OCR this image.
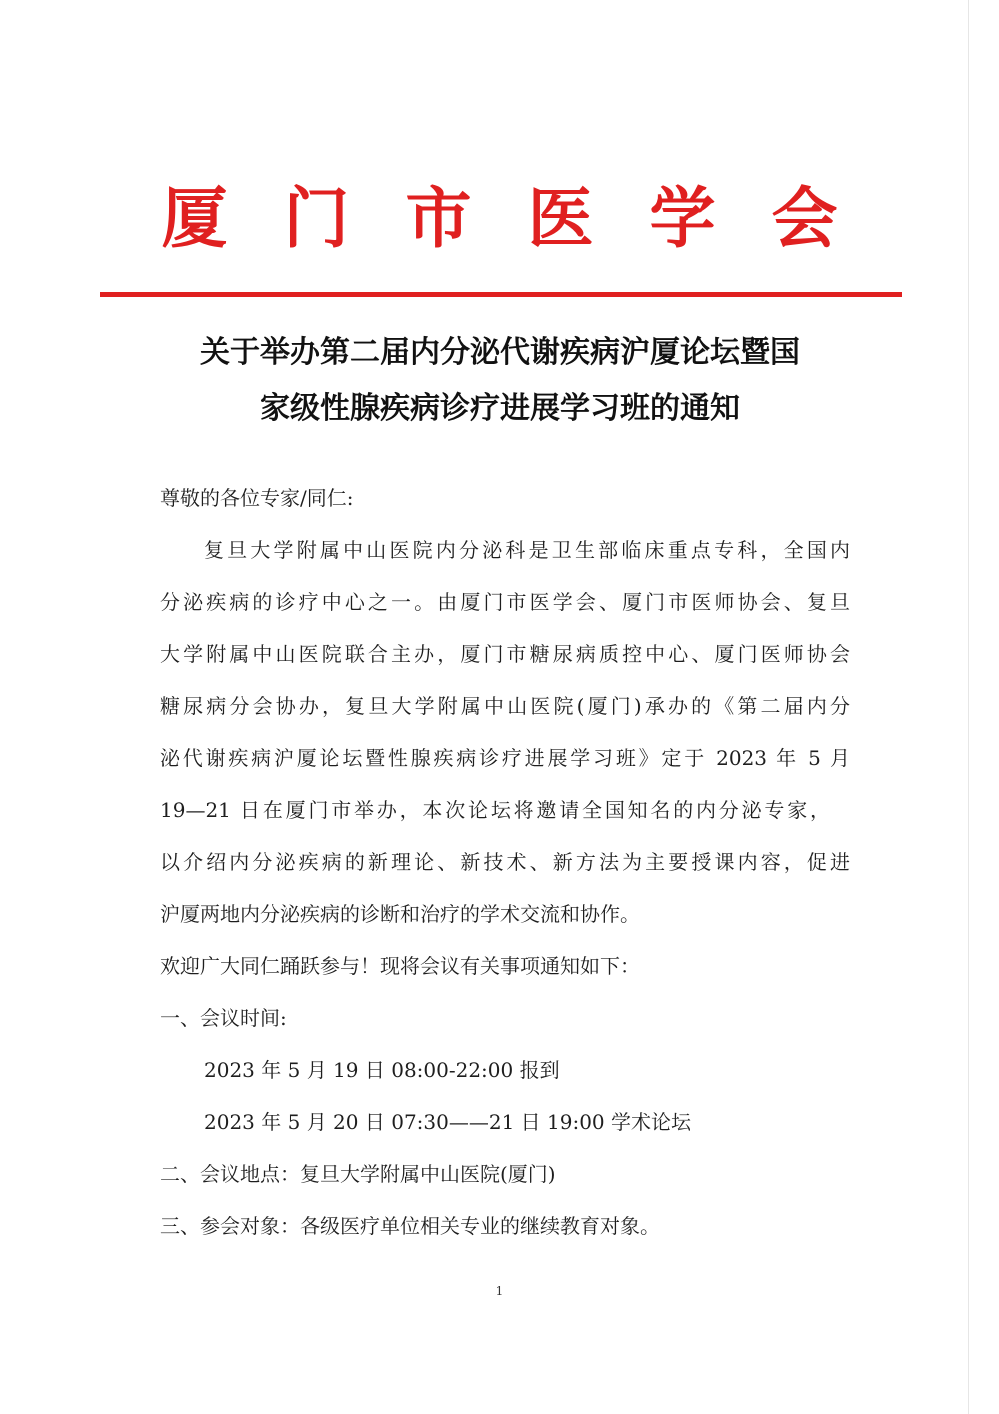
厦门市医学会
关于举办第二届内分泌代谢疾病沪厦论坛暨国
家级性腺疾病诊疗进展学习班的通知
尊敬的各位专家/同仁:
复旦大学附属中山医院内分泌科是卫生部临床重点专科，全国内
分泌疾病的诊疗中心之一。由厦门市医学会、厦门市医师协会、复旦
大学附属中山医院联合主办，厦门市糖尿病质控中心、厦门医师协会
糖尿病分会协办，复旦大学附属中山医院(厦门)承办的《第二届内分
泌代谢疾病沪厦论坛暨性腺疾病诊疗进展学习班》定于 2023 年 5 月
19—21 日在厦门市举办，本次论坛将邀请全国知名的内分泌专家，
以介绍内分泌疾病的新理论、新技术、新方法为主要授课内容，促进
沪厦两地内分泌疾病的诊断和治疗的学术交流和协作。
欢迎广大同仁踊跃参与！现将会议有关事项通知如下：
一、会议时间:
2023 年 5 月 19 日 08:00-22:00 报到
2023 年 5 月 20 日 07:30——21 日 19:00 学术论坛
二、会议地点：复旦大学附属中山医院(厦门)
三、参会对象：各级医疗单位相关专业的继续教育对象。
1
